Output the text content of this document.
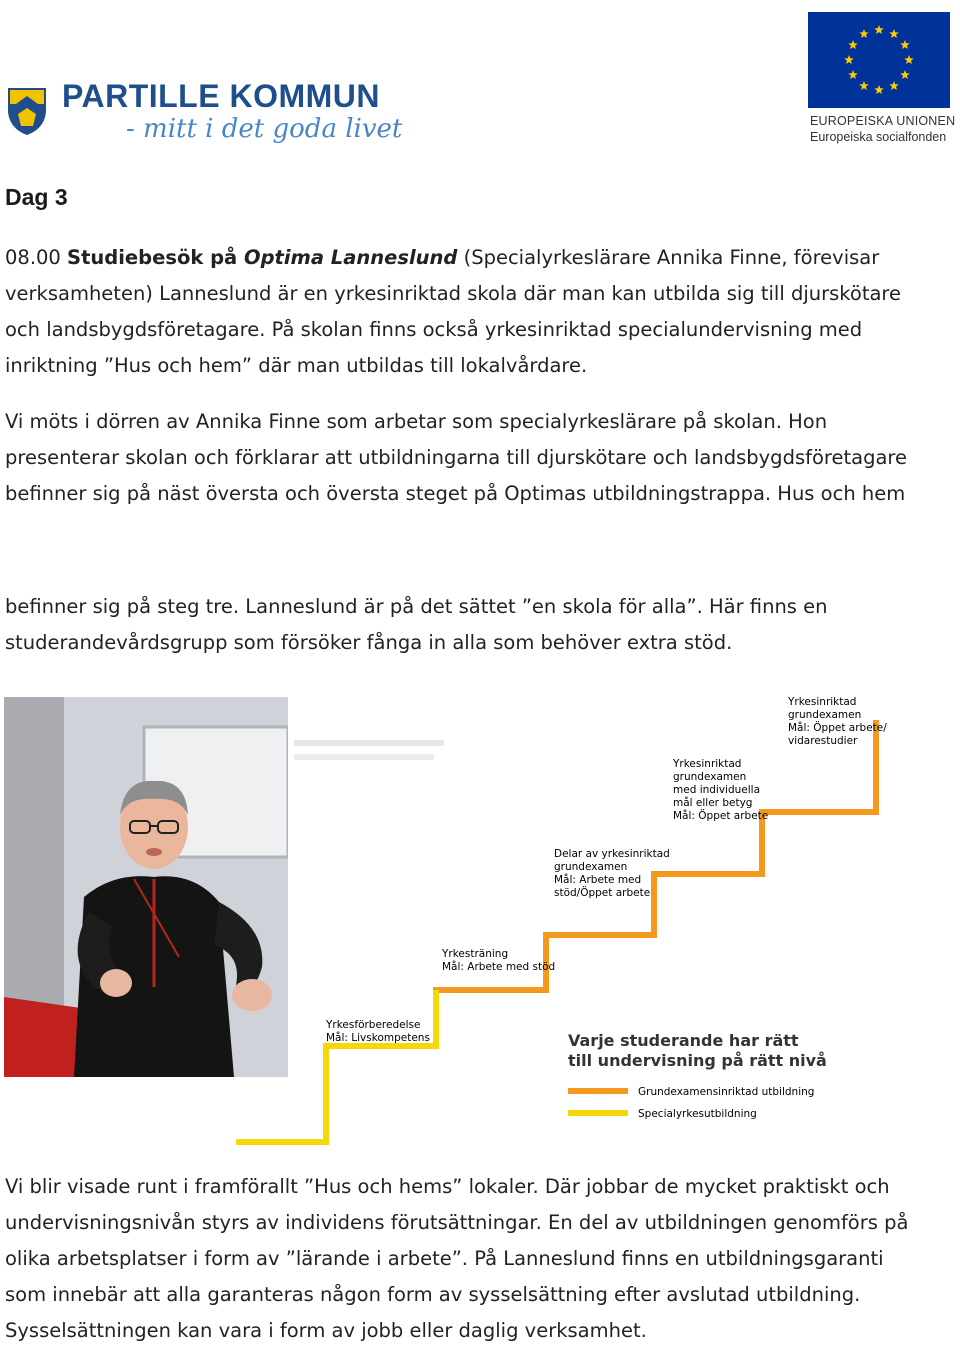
PARTILLE KOMMUN
- mitt i det goda livet	EUROPEISKA UNIONEN
Europeiska socialfonden
Dag 3
08.00 Studiebesök på Optima Lanneslund (Specialyrkeslärare Annika Finne, förevisar
verksamheten) Lanneslund är en yrkesinriktad skola där man kan utbilda sig till djurskötare
och landsbygdsföretagare. På skolan finns också yrkesinriktad specialundervisning med
inriktning ”Hus och hem” där man utbildas till lokalvårdare.
Vi möts i dörren av Annika Finne som arbetar som specialyrkeslärare på skolan. Hon
presenterar skolan och förklarar att utbildningarna till djurskötare och landsbygdsföretagare
befinner sig på näst översta och översta steget på Optimas utbildningstrappa. Hus och hem
befinner sig på steg tre. Lanneslund är på det sättet ”en skola för alla”. Här finns en
studerandevårdsgrupp som försöker fånga in alla som behöver extra stöd.
Yrkesförberedelse Mål: Livskompetens
Yrkesträning Mål: Arbete med stöd
Delar av yrkesinriktad grundexamen Mål: Arbete med stöd/Öppet arbete
Yrkesinriktad grundexamen med individuella mål eller betyg Mål: Öppet arbete
Yrkesinriktad grundexamen Mål: Öppet arbete/ vidarestudier
Varje studerande har rätt
till undervisning på rätt nivå
Grundexamensinriktad utbildning
Specialyrkesutbildning
Vi blir visade runt i framförallt ”Hus och hems” lokaler. Där jobbar de mycket praktiskt och
undervisningsnivån styrs av individens förutsättningar. En del av utbildningen genomförs på
olika arbetsplatser i form av ”lärande i arbete”. På Lanneslund finns en utbildningsgaranti
som innebär att alla garanteras någon form av sysselsättning efter avslutad utbildning.
Sysselsättningen kan vara i form av jobb eller daglig verksamhet.
